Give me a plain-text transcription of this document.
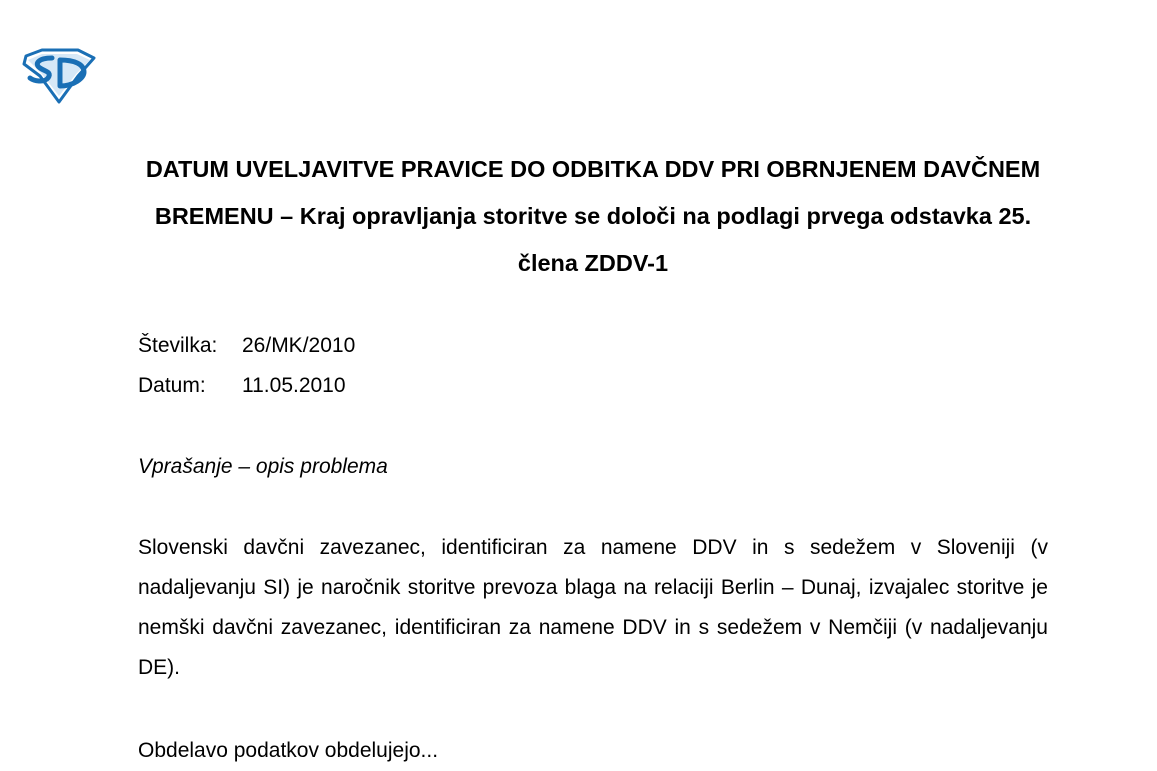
DATUM UVELJAVITVE PRAVICE DO ODBITKA DDV PRI OBRNJENEM DAVČNEM BREMENU – Kraj opravljanja storitve se določi na podlagi prvega odstavka 25. člena ZDDV-1
Številka: 26/MK/2010
Datum: 11.05.2010

Vprašanje – opis problema

Slovenski davčni zavezanec, identificiran za namene DDV in s sedežem v Sloveniji (v nadaljevanju SI) je naročnik storitve prevoza blaga na relaciji Berlin – Dunaj, izvajalec storitve je nemški davčni zavezanec, identificiran za namene DDV in s sedežem v Nemčiji (v nadaljevanju DE).

Obdelavo podatkov obdelujejo...
